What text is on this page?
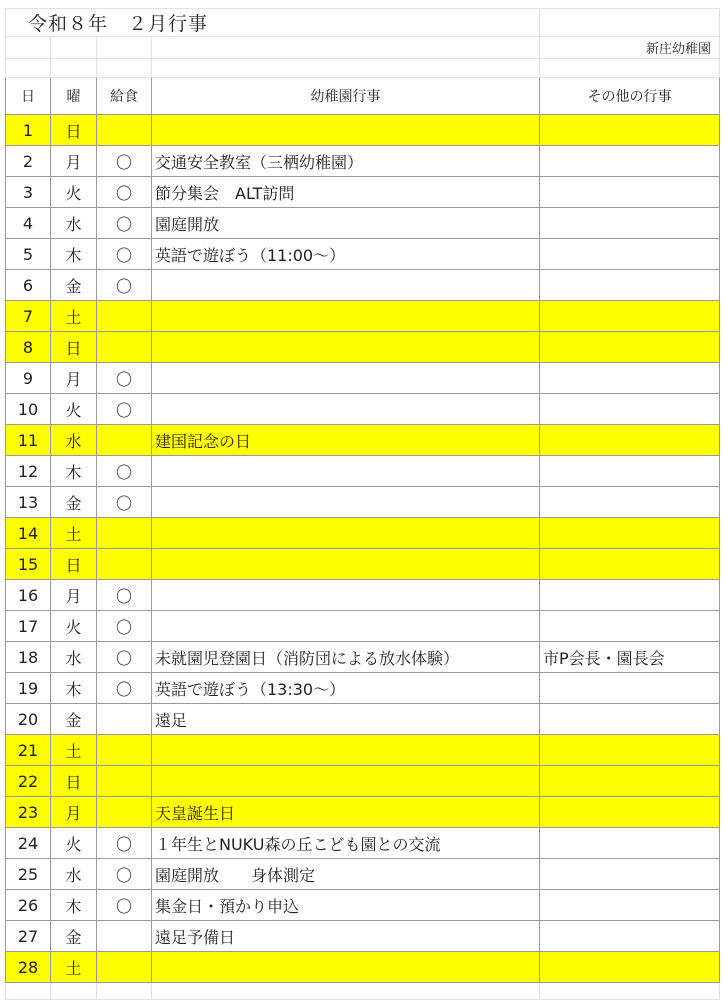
令和８年　２月行事				
				新庄幼稚園

日	曜	給食	幼稚園行事	その他の行事
1	日			
2	月	〇	交通安全教室（三栖幼稚園）	
3	火	〇	節分集会　ALT訪問	
4	水	〇	園庭開放	
5	木	〇	英語で遊ぼう（11:00～）	
6	金	〇		
7	土			
8	日			
9	月	〇		
10	火	〇		
11	水		建国記念の日	
12	木	〇		
13	金	〇		
14	土			
15	日			
16	月	〇		
17	火	〇		
18	水	〇	未就園児登園日（消防団による放水体験）	市P会長・園長会
19	木	〇	英語で遊ぼう（13:30～）	
20	金		遠足	
21	土			
22	日			
23	月		天皇誕生日	
24	火	〇	１年生とNUKU森の丘こども園との交流	
25	水	〇	園庭開放　　身体測定	
26	木	〇	集金日・預かり申込	
27	金		遠足予備日	
28	土			
